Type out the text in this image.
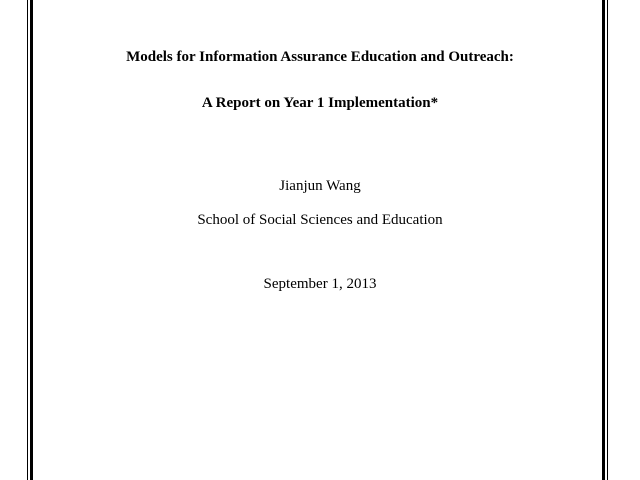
Models for Information Assurance Education and Outreach:
A Report on Year 1 Implementation*
Jianjun Wang
School of Social Sciences and Education
September 1, 2013
